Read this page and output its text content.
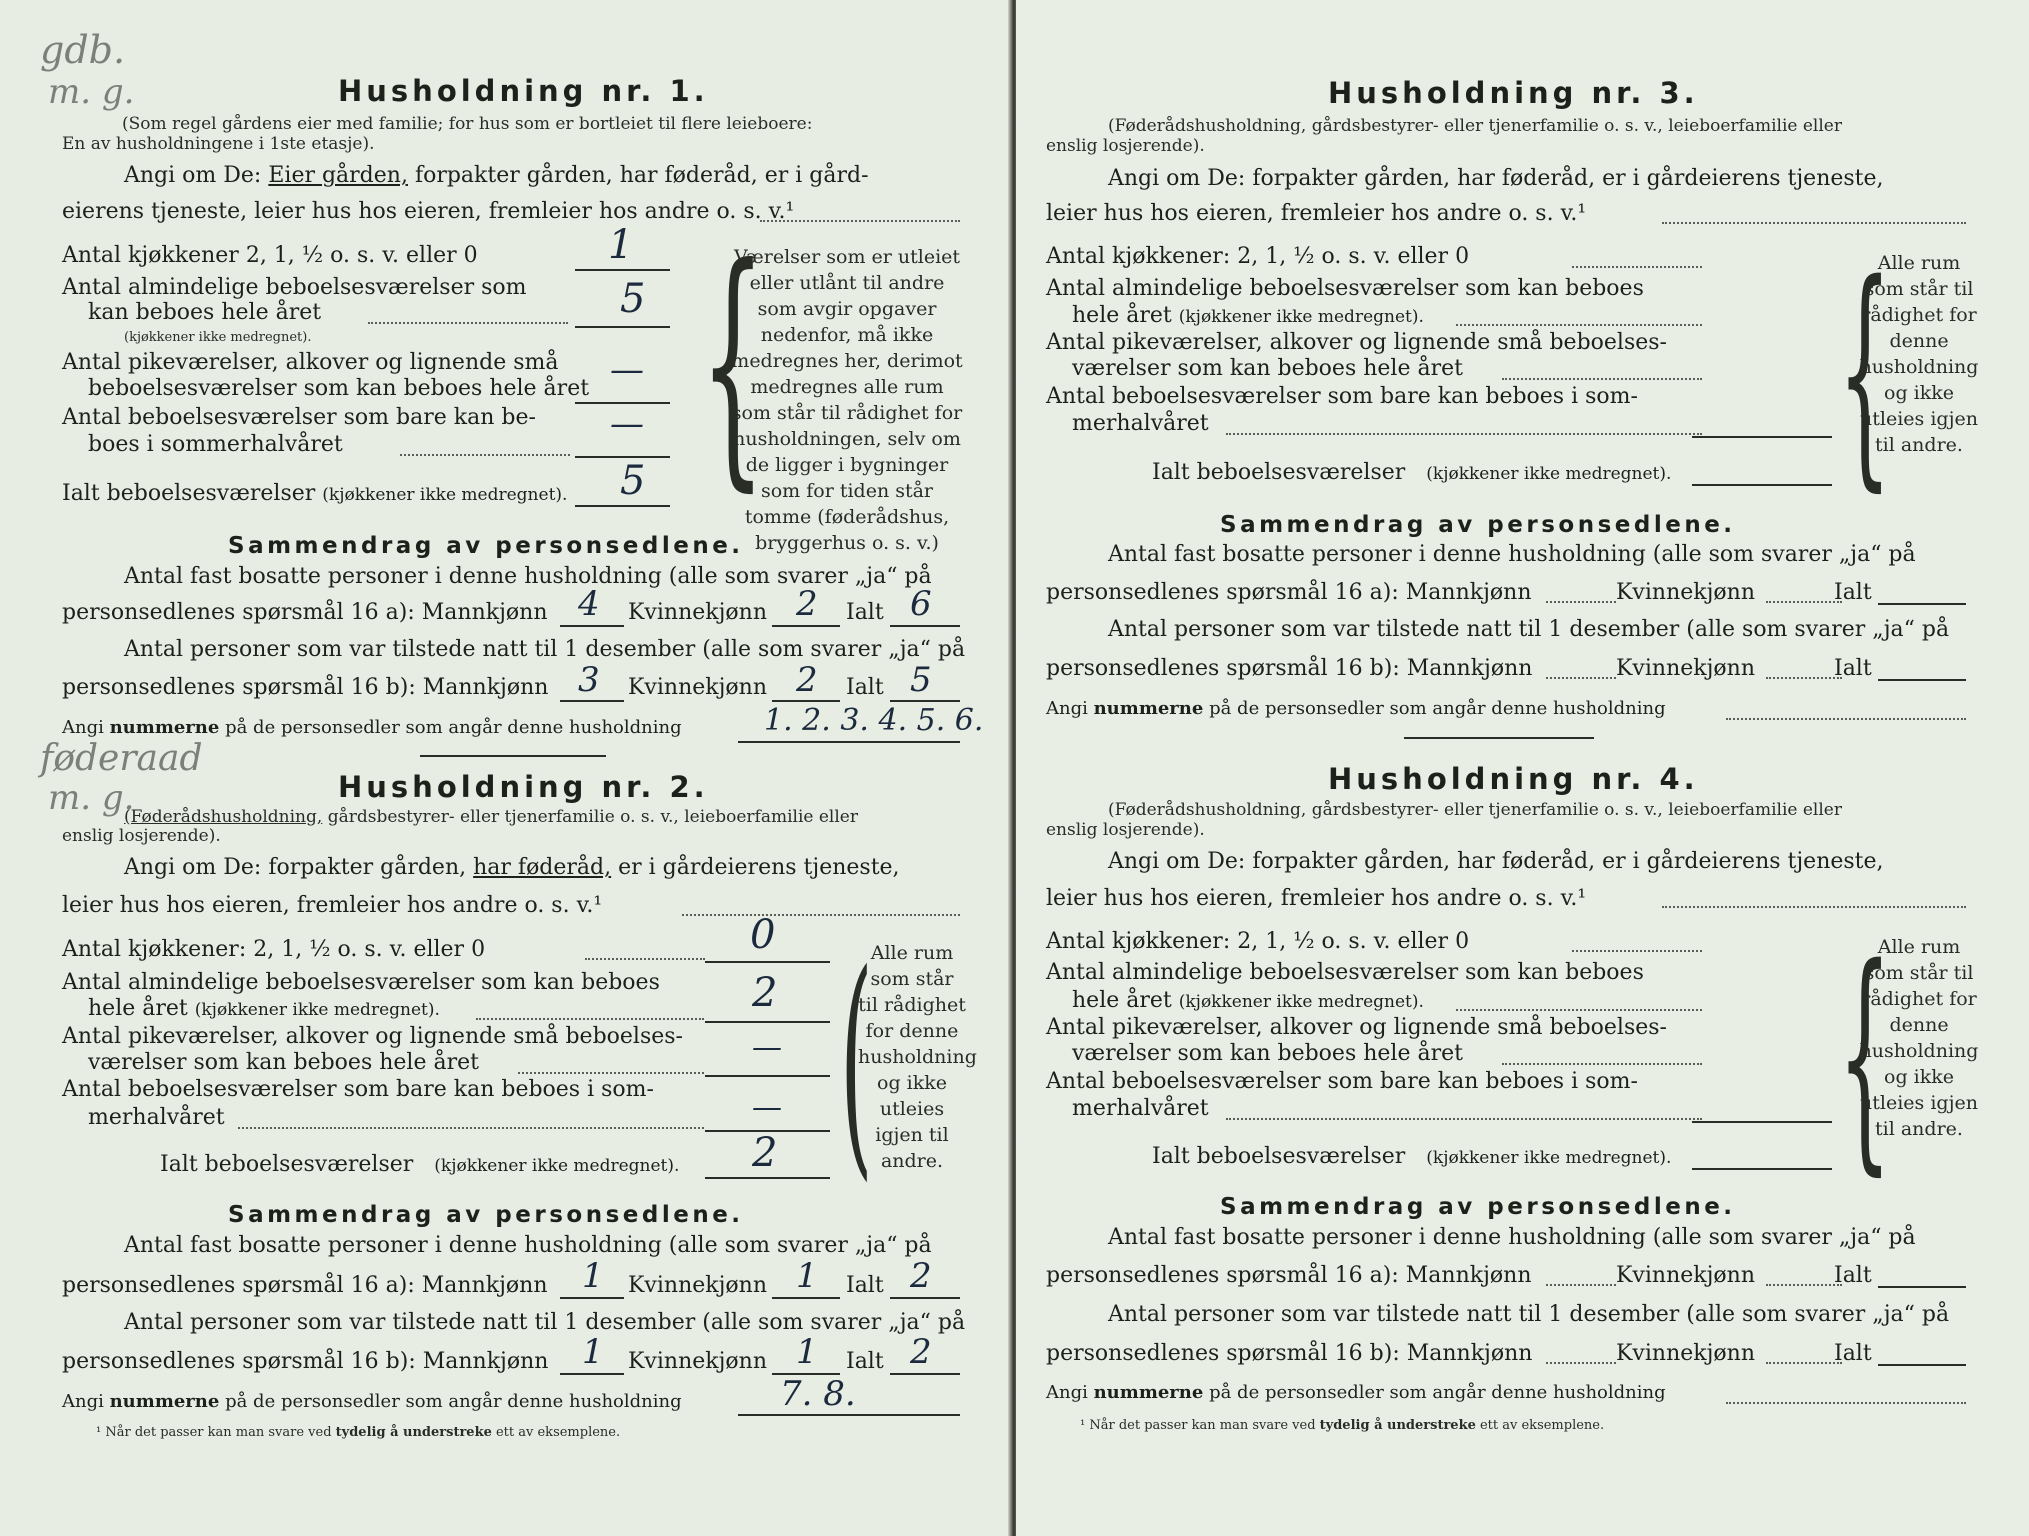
gdb.
m. g.
føderaad
m. g.
Husholdning nr. 1.
(Som regel gårdens eier med familie; for hus som er bortleiet til flere leieboere:
En av husholdningene i 1ste etasje).
Angi om De: Eier gården, forpakter gården, har føderåd, er i gård-
eierens tjeneste, leier hus hos eieren, fremleier hos andre o. s. v.¹
Antal kjøkkener 2, 1, ½ o. s. v. eller 0	1
Antal almindelige beboelsesværelser som
kan beboes hele året
(kjøkkener ikke medregnet).
5
Antal pikeværelser, alkover og lignende små
beboelsesværelser som kan beboes hele året —
Antal beboelsesværelser som bare kan be-
boes i sommerhalvåret
—
Ialt beboelsesværelser (kjøkkener ikke medregnet). 5 {
Værelser som er utleiet eller utlånt til andre som avgir opgaver nedenfor, må ikke medregnes her, derimot medregnes alle rum som står til rådighet for husholdningen, selv om de ligger i bygninger som for tiden står tomme (føderådshus, bryggerhus o. s. v.)
Sammendrag av personsedlene.
Antal fast bosatte personer i denne husholdning (alle som svarer „ja“ på
personsedlenes spørsmål 16 a): Mannkjønn	Kvinnekjønn	Ialt
4	2	6
Antal personer som var tilstede natt til 1 desember (alle som svarer „ja“ på
personsedlenes spørsmål 16 b): Mannkjønn	Kvinnekjønn	Ialt
3	2	5
Angi nummerne på de personsedler som angår denne husholdning	1. 2. 3. 4. 5. 6.
Husholdning nr. 2.
(Føderådshusholdning, gårdsbestyrer- eller tjenerfamilie o. s. v., leieboerfamilie eller
enslig losjerende).
Angi om De: forpakter gården, har føderåd, er i gårdeierens tjeneste,
leier hus hos eieren, fremleier hos andre o. s. v.¹
Antal kjøkkener: 2, 1, ½ o. s. v. eller 0	0
Antal almindelige beboelsesværelser som kan beboes
hele året (kjøkkener ikke medregnet).	2
Antal pikeværelser, alkover og lignende små beboelses-
værelser som kan beboes hele året	—
Antal beboelsesværelser som bare kan beboes i som-
merhalvåret	—
Ialt beboelsesværelser (kjøkkener ikke medregnet). 2 (
Alle rum som står til rådighet for denne husholdning og ikke utleies igjen til andre.
Sammendrag av personsedlene.
Antal fast bosatte personer i denne husholdning (alle som svarer „ja“ på
personsedlenes spørsmål 16 a): Mannkjønn	Kvinnekjønn	Ialt
1	1	2
Antal personer som var tilstede natt til 1 desember (alle som svarer „ja“ på
personsedlenes spørsmål 16 b): Mannkjønn	Kvinnekjønn	Ialt
1	1	2
Angi nummerne på de personsedler som angår denne husholdning	7. 8.
¹ Når det passer kan man svare ved tydelig å understreke ett av eksemplene.
Husholdning nr. 3.
(Føderådshusholdning, gårdsbestyrer- eller tjenerfamilie o. s. v., leieboerfamilie eller
enslig losjerende).
Angi om De: forpakter gården, har føderåd, er i gårdeierens tjeneste,
leier hus hos eieren, fremleier hos andre o. s. v.¹
Antal kjøkkener: 2, 1, ½ o. s. v. eller 0
Antal almindelige beboelsesværelser som kan beboes
hele året (kjøkkener ikke medregnet).
Antal pikeværelser, alkover og lignende små beboelses-
værelser som kan beboes hele året
Antal beboelsesværelser som bare kan beboes i som-
merhalvåret
Ialt beboelsesværelser (kjøkkener ikke medregnet). {
Alle rum som står til rådighet for denne husholdning og ikke utleies igjen til andre.
Sammendrag av personsedlene.
Antal fast bosatte personer i denne husholdning (alle som svarer „ja“ på
personsedlenes spørsmål 16 a): Mannkjønn	Kvinnekjønn	Ialt
Antal personer som var tilstede natt til 1 desember (alle som svarer „ja“ på
personsedlenes spørsmål 16 b): Mannkjønn	Kvinnekjønn	Ialt
Angi nummerne på de personsedler som angår denne husholdning
Husholdning nr. 4.
(Føderådshusholdning, gårdsbestyrer- eller tjenerfamilie o. s. v., leieboerfamilie eller
enslig losjerende).
Angi om De: forpakter gården, har føderåd, er i gårdeierens tjeneste,
leier hus hos eieren, fremleier hos andre o. s. v.¹
Antal kjøkkener: 2, 1, ½ o. s. v. eller 0
Antal almindelige beboelsesværelser som kan beboes
hele året (kjøkkener ikke medregnet).
Antal pikeværelser, alkover og lignende små beboelses-
værelser som kan beboes hele året
Antal beboelsesværelser som bare kan beboes i som-
merhalvåret
Ialt beboelsesværelser (kjøkkener ikke medregnet). {
Alle rum som står til rådighet for denne husholdning og ikke utleies igjen til andre.
Sammendrag av personsedlene.
Antal fast bosatte personer i denne husholdning (alle som svarer „ja“ på
personsedlenes spørsmål 16 a): Mannkjønn	Kvinnekjønn	Ialt
Antal personer som var tilstede natt til 1 desember (alle som svarer „ja“ på
personsedlenes spørsmål 16 b): Mannkjønn	Kvinnekjønn	Ialt
Angi nummerne på de personsedler som angår denne husholdning
¹ Når det passer kan man svare ved tydelig å understreke ett av eksemplene.
